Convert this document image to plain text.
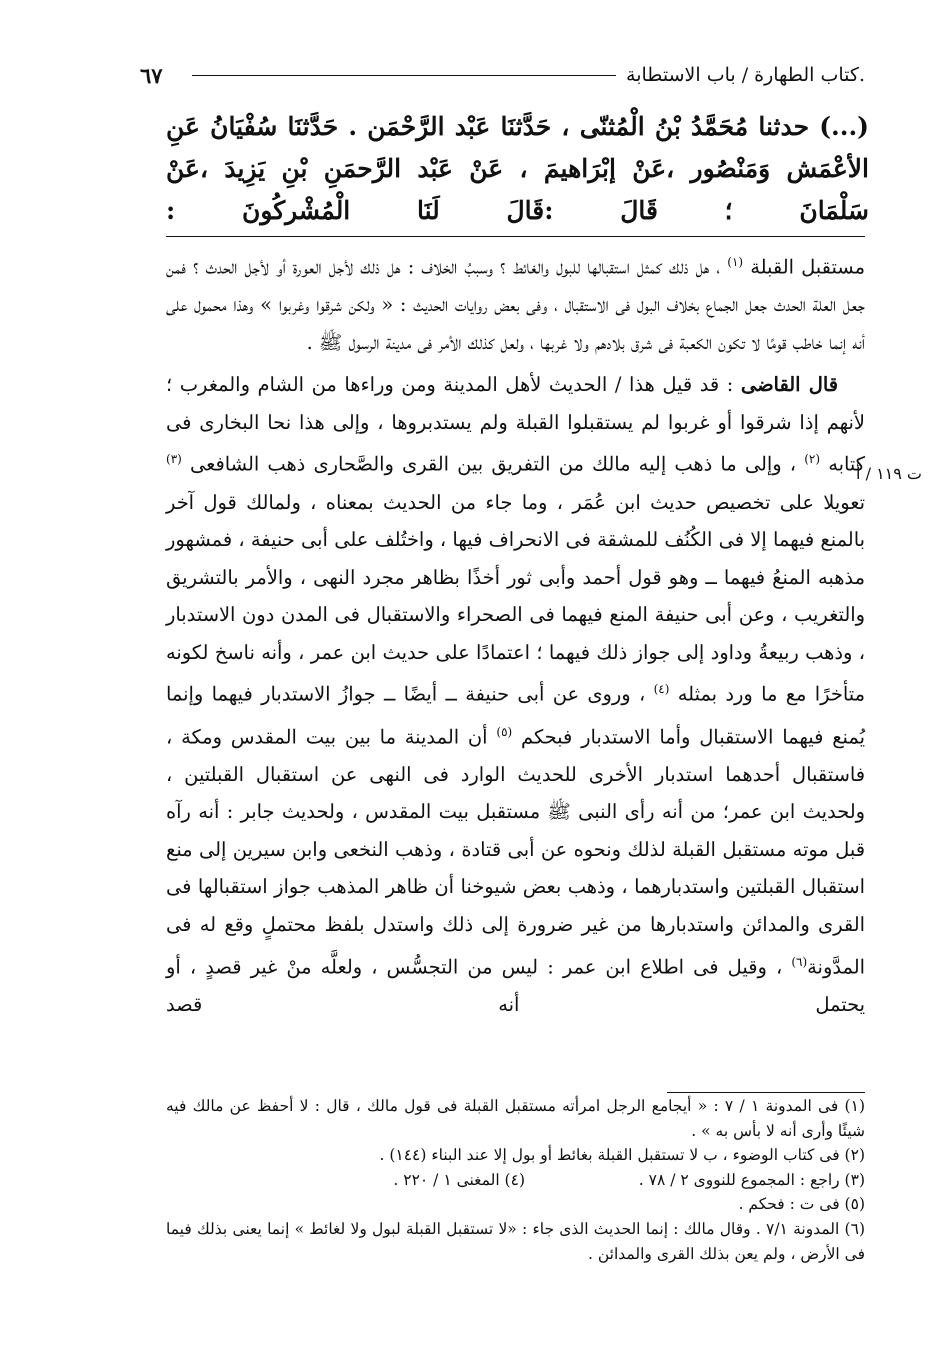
٦٧	.كتاب الطهارة / باب الاستطابة
(...) حدثنا مُحَمَّدُ بْنُ الْمُثنّى ، حَدَّثنَا عَبْد الرَّحْمَن . حَدَّثنَا سُفْيَانُ عَنِ الأعْمَش وَمَنْصُور ،عَنْ إبْرَاهيمَ ، عَنْ عَبْد الرَّحمَنِ بْنِ يَزِيدَ ،عَنْ سَلْمَانَ ؛ قَالَ :قَالَ لَنَا الْمُشْركُونَ :

مستقبل القبلة $^{(١)}$ ، هل ذلك كمثل استقبالها للبول والغائط ؟ وسببُ الخلاف : هل ذلك لأجل العورة أو لأجل الحدث ؟ فمن جعل العلة الحدث جعل الجماع بخلاف البول فى الاستقبال ، وفى بعض روايات الحديث : « ولكن شرقوا وغربوا » وهذا محمول على أنه إنما خاطب قومًا لا تكون الكعبة فى شرق بلادهم ولا غربها ، ولعل كذلك الأمر فى مدينة الرسول ﷺ .

قال القاضى : قد قيل هذا / الحديث لأهل المدينة ومن وراءها من الشام والمغرب ؛ لأنهم إذا شرقوا أو غربوا لم يستقبلوا القبلة ولم يستدبروها ، وإلى هذا نحا البخارى فى كتابه $^{(٢)}$ ، وإلى ما ذهب إليه مالك من التفريق بين القرى والصَّحارى ذهب الشافعى $^{(٣)}$ تعويلا على تخصيص حديث ابن عُمَر ، وما جاء من الحديث بمعناه ، ولمالك قول آخر بالمنع فيهما إلا فى الكُنُف للمشقة فى الانحراف فيها ، واختُلف على أبى حنيفة ، فمشهور مذهبه المنعُ فيهما ــ وهو قول أحمد وأبى ثور أخذًا بظاهر مجرد النهى ، والأمر بالتشريق والتغريب ، وعن أبى حنيفة المنع فيهما فى الصحراء والاستقبال فى المدن دون الاستدبار ، وذهب ربيعةُ وداود إلى جواز ذلك فيهما ؛ اعتمادًا على حديث ابن عمر ، وأنه ناسخ لكونه متأخرًا مع ما ورد بمثله $^{(٤)}$ ، وروى عن أبى حنيفة ــ أيضًا ــ جوازُ الاستدبار فيهما وإنما يُمنع فيهما الاستقبال وأما الاستدبار فبحكم $^{(٥)}$ أن المدينة ما بين بيت المقدس ومكة ، فاستقبال أحدهما استدبار الأخرى للحديث الوارد فى النهى عن استقبال القبلتين ، ولحديث ابن عمر؛ من أنه رأى النبى ﷺ مستقبل بيت المقدس ، ولحديث جابر : أنه رآه قبل موته مستقبل القبلة لذلك ونحوه عن أبى قتادة ، وذهب النخعى وابن سيرين إلى منع استقبال القبلتين واستدبارهما ، وذهب بعض شيوخنا أن ظاهر المذهب جواز استقبالها فى القرى والمدائن واستدبارها من غير ضرورة إلى ذلك واستدل بلفظ محتملٍ وقع له فى المدَّونة$^{(٦)}$ ، وقيل فى اطلاع ابن عمر : ليس من التجسُّس ، ولعلَّه منْ غير قصدٍ ، أو يحتمل أنه قصد

ت ١١٩ / أ

(١) فى المدونة ١ / ٧ : « أيجامع الرجل امرأته مستقبل القبلة فى قول مالك ، قال : لا أحفظ عن مالك فيه شيئًا وأرى أنه لا بأس به » .

(٢) فى كتاب الوضوء ، ب لا تستقبل القبلة بغائط أو بول إلا عند البناء (١٤٤) .

(٣) راجع : المجموع للنووى ٢ / ٧٨ .
(٤) المغنى ١ / ٢٢٠ .

(٥) فى ت : فحكم .

(٦) المدونة ٧/١ . وقال مالك : إنما الحديث الذى جاء : «لا تستقبل القبلة لبول ولا لغائط » إنما يعنى بذلك فيما فى الأرض ، ولم يعن بذلك القرى والمدائن .
